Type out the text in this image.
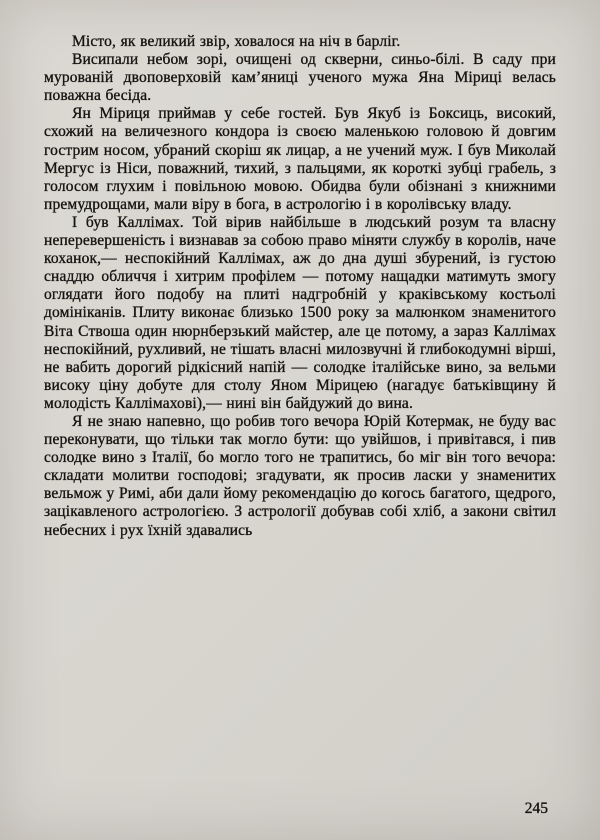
Місто, як великий звір, ховалося на ніч в барліг.

Висипали небом зорі, очищені од скверни, синьо-білі. В саду при мурованій двоповерховій кам’яниці ученого мужа Яна Міриці велась поважна бесіда.

Ян Міриця приймав у себе гостей. Був Якуб із Боксиць, високий, схожий на величезного кондора із своєю маленькою головою й довгим гострим носом, убраний скоріш як лицар, а не учений муж. І був Миколай Мергус із Ніси, поважний, тихий, з пальцями, як короткі зубці грабель, з голосом глухим і повільною мовою. Обидва були обізнані з книжними премудрощами, мали віру в бога, в астрологію і в королівську владу.

І був Каллімах. Той вірив найбільше в людський розум та власну неперевершеність і визнавав за собою право міняти службу в королів, наче коханок,— неспокійний Каллімах, аж до дна душі збурений, із густою снаддю обличчя і хитрим профілем — потому нащадки матимуть змогу оглядати його подобу на плиті надгробній у краківському костьолі домініканів. Плиту виконає близько 1500 року за малюнком знаменитого Віта Ствоша один нюрнберзький майстер, але це потому, а зараз Каллімах неспокійний, рухливий, не тішать власні милозвучні й глибокодумні вірші, не вабить дорогий рідкісний напій — солодке італійське вино, за вельми високу ціну добуте для столу Яном Мірицею (нагадує батьківщину й молодість Каллімахові),— нині він байдужий до вина.

Я не знаю напевно, що робив того вечора Юрій Котермак, не буду вас переконувати, що тільки так могло бути: що увійшов, і привітався, і пив солодке вино з Італії, бо могло того не трапитись, бо міг він того вечора: складати молитви господові; згадувати, як просив ласки у знаменитих вельмож у Римі, аби дали йому рекомендацію до когось багатого, щедрого, зацікавленого астрологією. З астрології добував собі хліб, а закони світил небесних і рух їхній здавались

245
